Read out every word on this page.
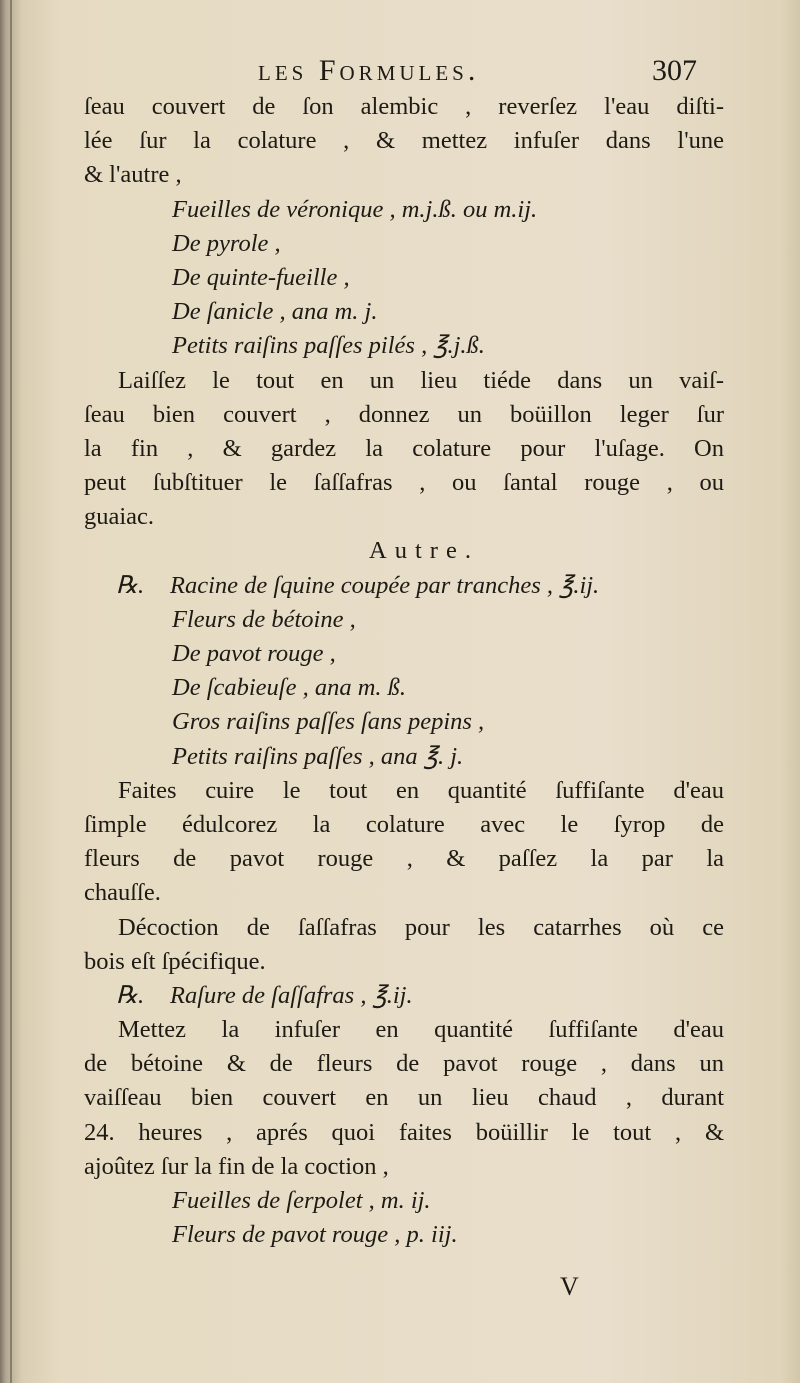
les Formules.	307
ſeau couvert de ſon alembic , reverſez l'eau diſti-
lée ſur la colature , & mettez infuſer dans l'une
& l'autre ,
Fueilles de véronique , m.j.ß. ou m.ij.
De pyrole ,
De quinte-fueille ,
De ſanicle , ana m. j.
Petits raiſins paſſes pilés , ℥.j.ß.
Laiſſez le tout en un lieu tiéde dans un vaiſ-
ſeau bien couvert , donnez un boüillon leger ſur
la fin , & gardez la colature pour l'uſage. On
peut ſubſtituer le ſaſſafras , ou ſantal rouge , ou
guaiac.
Autre.
℞. Racine de ſquine coupée par tranches , ℥.ij.
Fleurs de bétoine ,
De pavot rouge ,
De ſcabieuſe , ana m. ß.
Gros raiſins paſſes ſans pepins ,
Petits raiſins paſſes , ana ℥. j.
Faites cuire le tout en quantité ſuffiſante d'eau
ſimple édulcorez la colature avec le ſyrop de
fleurs de pavot rouge , & paſſez la par la
chauſſe.
Décoction de ſaſſafras pour les catarrhes où ce
bois eſt ſpécifique.
℞. Raſure de ſaſſafras , ℥.ij.
Mettez la infuſer en quantité ſuffiſante d'eau
de bétoine & de fleurs de pavot rouge , dans un
vaiſſeau bien couvert en un lieu chaud , durant
24. heures , aprés quoi faites boüillir le tout , &
ajoûtez ſur la fin de la coction ,
Fueilles de ſerpolet , m. ij.
Fleurs de pavot rouge , p. iij.
V
